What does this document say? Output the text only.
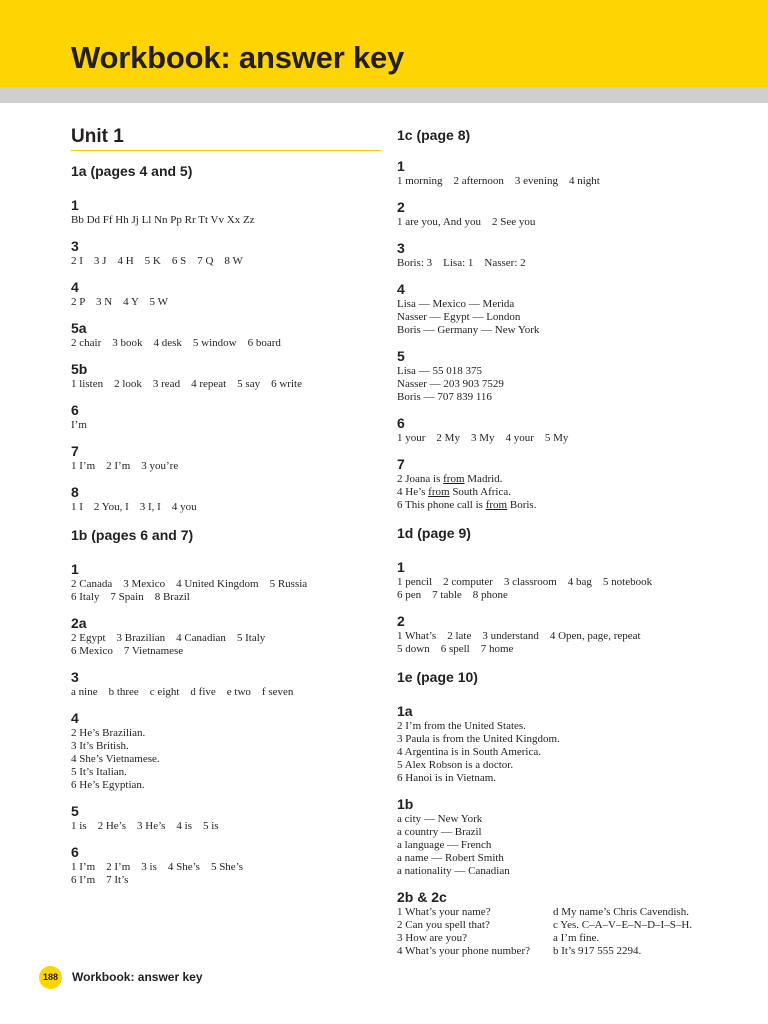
Workbook: answer key
Unit 1
1a (pages 4 and 5)
1
Bb Dd Ff Hh Jj Ll Nn Pp Rr Tt Vv Xx Zz
3
2 I    3 J    4 H    5 K    6 S    7 Q    8 W
4
2 P    3 N    4 Y    5 W
5a
2 chair    3 book    4 desk    5 window    6 board
5b
1 listen    2 look    3 read    4 repeat    5 say    6 write
6
I’m
7
1 I’m    2 I’m    3 you’re
8
1 I    2 You, I    3 I, I    4 you
1b (pages 6 and 7)
1
2 Canada    3 Mexico    4 United Kingdom    5 Russia
6 Italy    7 Spain    8 Brazil
2a
2 Egypt    3 Brazilian    4 Canadian    5 Italy
6 Mexico    7 Vietnamese
3
a nine    b three    c eight    d five    e two    f seven
4
2 He’s Brazilian.
3 It’s British.
4 She’s Vietnamese.
5 It’s Italian.
6 He’s Egyptian.
5
1 is    2 He’s    3 He’s    4 is    5 is
6
1 I’m    2 I’m    3 is    4 She’s    5 She’s
6 I’m    7 It’s
1c (page 8)
1
1 morning    2 afternoon    3 evening    4 night
2
1 are you, And you    2 See you
3
Boris: 3    Lisa: 1    Nasser: 2
4
Lisa — Mexico — Merida
Nasser — Egypt — London
Boris — Germany — New York
5
Lisa — 55 018 375
Nasser — 203 903 7529
Boris — 707 839 116
6
1 your    2 My    3 My    4 your    5 My
7
2 Joana is from Madrid.
4 He’s from South Africa.
6 This phone call is from Boris.
1d (page 9)
1
1 pencil    2 computer    3 classroom    4 bag    5 notebook
6 pen    7 table    8 phone
2
1 What’s    2 late    3 understand    4 Open, page, repeat
5 down    6 spell    7 home
1e (page 10)
1a
2 I’m from the United States.
3 Paula is from the United Kingdom.
4 Argentina is in South America.
5 Alex Robson is a doctor.
6 Hanoi is in Vietnam.
1b
a city — New York
a country — Brazil
a language — French
a name — Robert Smith
a nationality — Canadian
2b & 2c
1 What’s your name?	d My name’s Chris Cavendish.
2 Can you spell that?	c Yes. C–A–V–E–N–D–I–S–H.
3 How are you?	a I’m fine.
4 What’s your phone number?	b It’s 917 555 2294.
188	Workbook: answer key
